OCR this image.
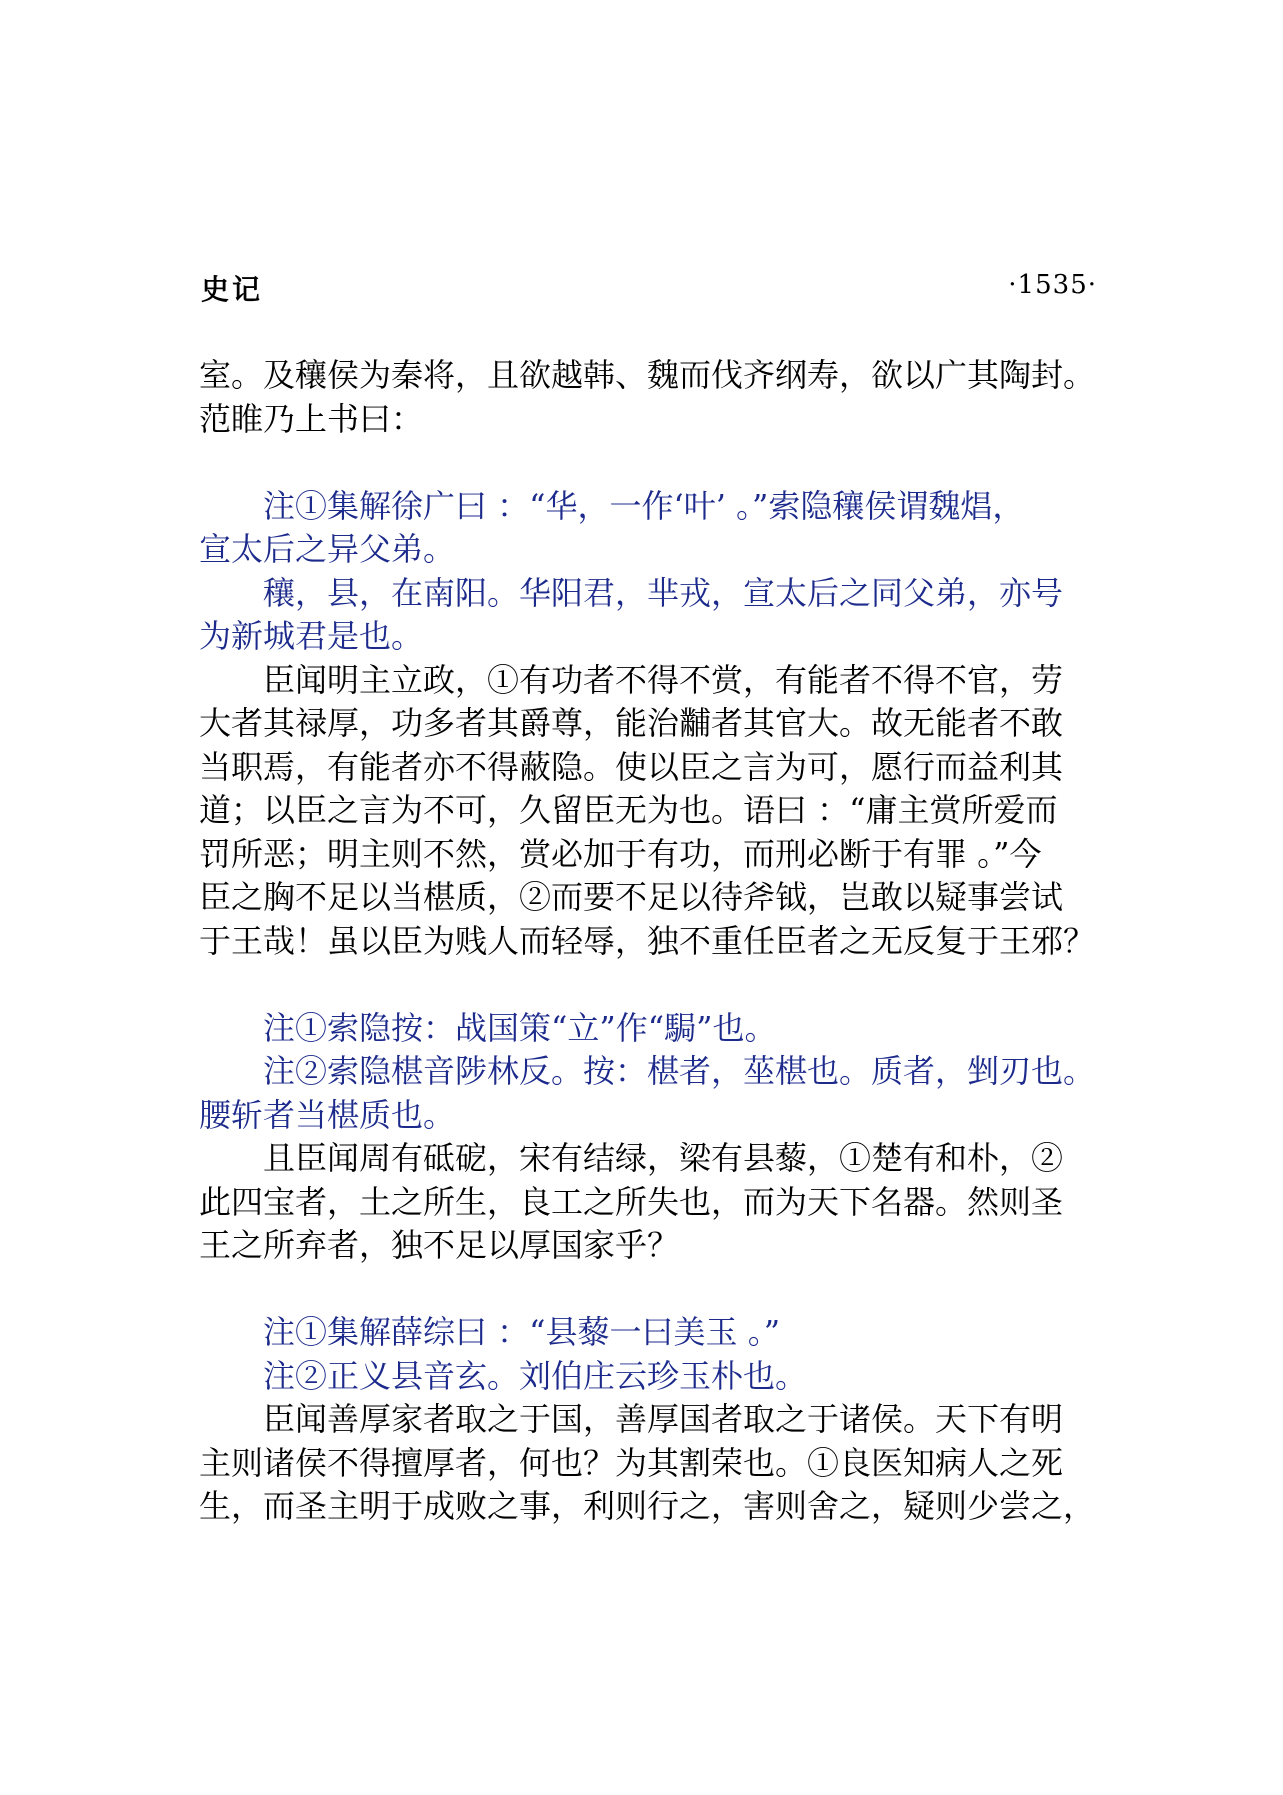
史记	·1535·
室。及穰侯为秦将，且欲越韩、魏而伐齐纲寿，欲以广其陶封。
范睢乃上书曰：
注①集解徐广曰 ：“华，一作‘叶’ 。”索隐穰侯谓魏焻，
宣太后之异父弟。
穰，县，在南阳。华阳君，芈戎，宣太后之同父弟，亦号
为新城君是也。
臣闻明主立政，①有功者不得不赏，有能者不得不官，劳
大者其禄厚，功多者其爵尊，能治黼者其官大。故无能者不敢
当职焉，有能者亦不得蔽隐。使以臣之言为可，愿行而益利其
道；以臣之言为不可，久留臣无为也。语曰 ：“庸主赏所爱而
罚所恶；明主则不然，赏必加于有功，而刑必断于有罪 。”今
臣之胸不足以当椹质，②而要不足以待斧钺，岂敢以疑事尝试
于王哉！虽以臣为贱人而轻辱，独不重任臣者之无反复于王邪？
注①索隐按：战国策“立”作“駶”也。
注②索隐椹音陟林反。按：椹者，莝椹也。质者，剉刃也。
腰斩者当椹质也。
且臣闻周有砥砨，宋有结绿，梁有县藜，①楚有和朴，②
此四宝者，土之所生，良工之所失也，而为天下名器。然则圣
王之所弃者，独不足以厚国家乎？
注①集解薛综曰 ：“县藜一曰美玉 。”
注②正义县音玄。刘伯庄云珍玉朴也。
臣闻善厚家者取之于国，善厚国者取之于诸侯。天下有明
主则诸侯不得擅厚者，何也？为其割荣也。①良医知病人之死
生，而圣主明于成败之事，利则行之，害则舍之，疑则少尝之，
